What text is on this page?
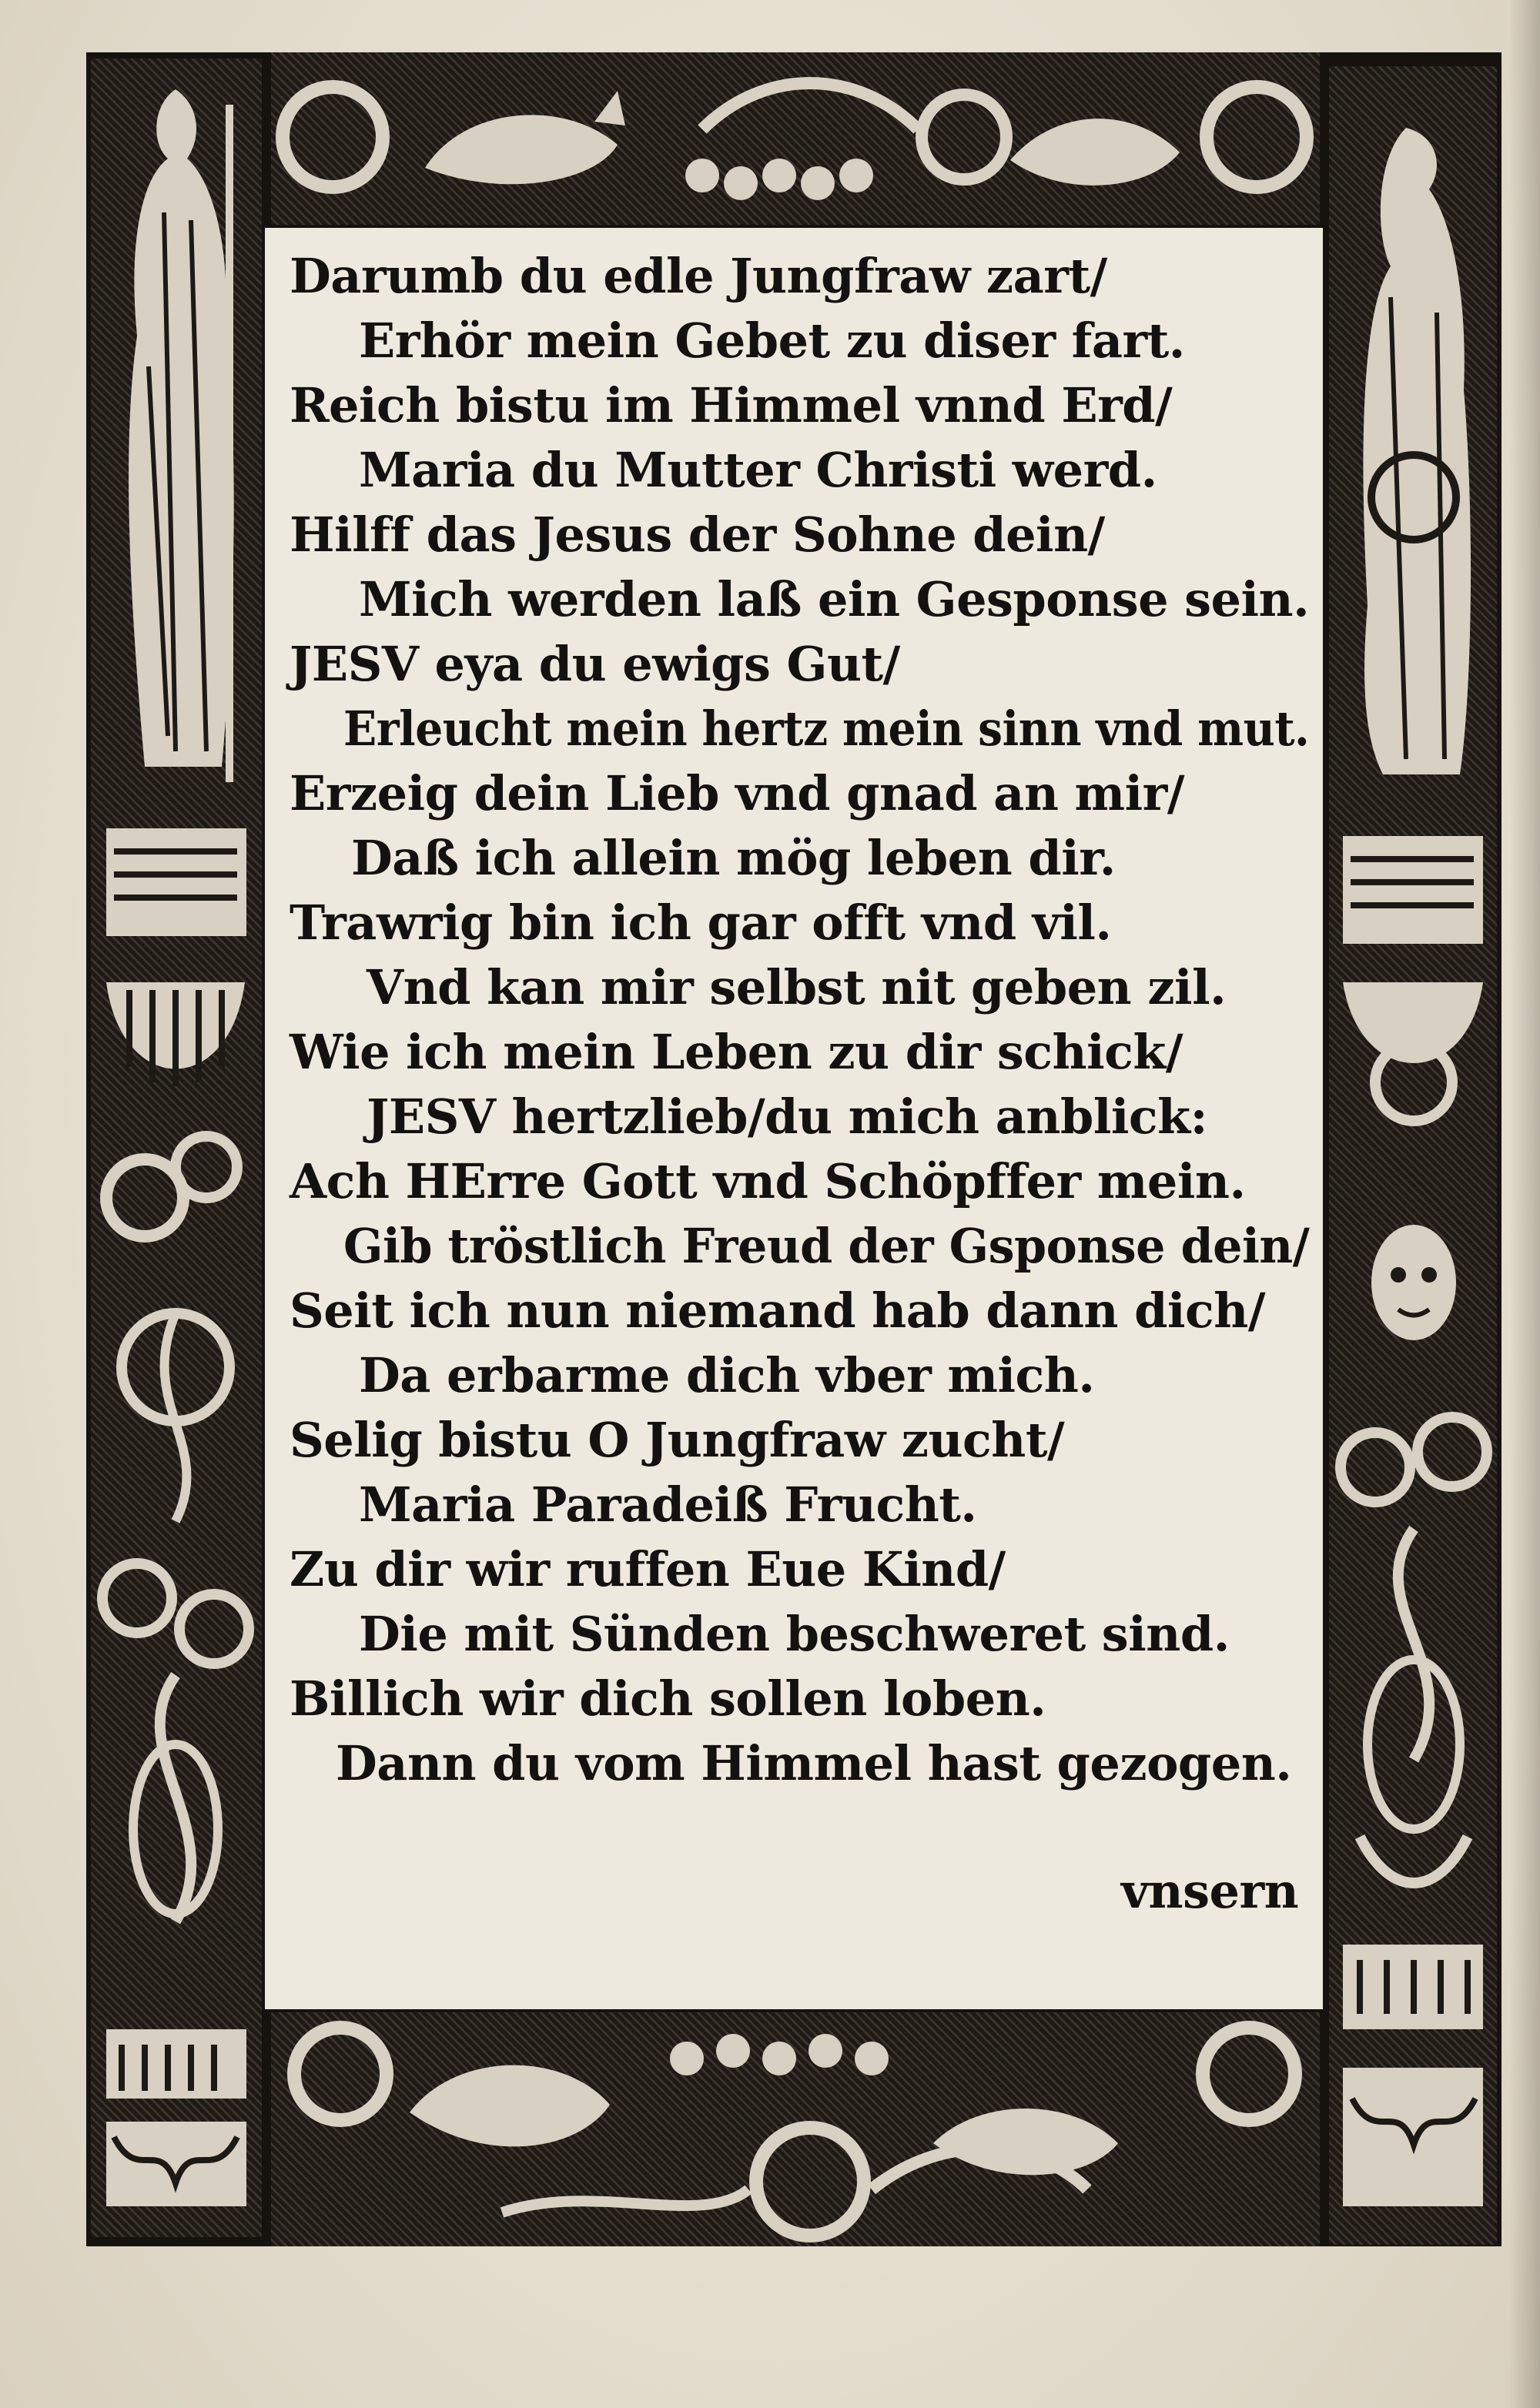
Darumb du edle Jungfraw zart/
Erhör mein Gebet zu diser fart.
Reich bistu im Himmel vnnd Erd/
Maria du Mutter Christi werd.
Hilff das Jesus der Sohne dein/
Mich werden laß ein Gesponse sein.
JESV eya du ewigs Gut/
Erleucht mein hertz mein sinn vnd mut.
Erzeig dein Lieb vnd gnad an mir/
Daß ich allein mög leben dir.
Trawrig bin ich gar offt vnd vil.
Vnd kan mir selbst nit geben zil.
Wie ich mein Leben zu dir schick/
JESV hertzlieb/du mich anblick:
Ach HErre Gott vnd Schöpffer mein.
Gib tröstlich Freud der Gsponse dein/
Seit ich nun niemand hab dann dich/
Da erbarme dich vber mich.
Selig bistu O Jungfraw zucht/
Maria Paradeiß Frucht.
Zu dir wir ruffen Eue Kind/
Die mit Sünden beschweret sind.
Billich wir dich sollen loben.
Dann du vom Himmel hast gezogen.
